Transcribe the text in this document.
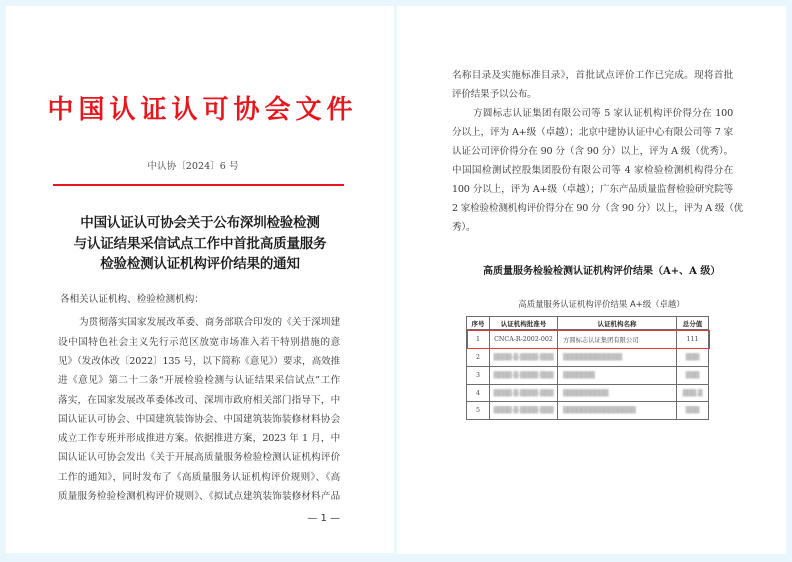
中国认证认可协会文件
中认协〔2024〕6 号
中国认证认可协会关于公布深圳检验检测
与认证结果采信试点工作中首批高质量服务
检验检测认证机构评价结果的通知
各相关认证机构、检验检测机构：
为贯彻落实国家发展改革委、商务部联合印发的《关于深圳建
设中国特色社会主义先行示范区放宽市场准入若干特别措施的意
见》（发改体改〔2022〕135 号，以下简称《意见》）要求，高效推
进《意见》第二十二条“开展检验检测与认证结果采信试点”工作
落实，在国家发展改革委体改司、深圳市政府相关部门指导下，中
国认证认可协会、中国建筑装饰协会、中国建筑装饰装修材料协会
成立工作专班并形成推进方案。依据推进方案，2023 年 1 月，中
国认证认可协会发出《关于开展高质量服务检验检测认证机构评价
工作的通知》，同时发布了《高质量服务认证机构评价规则》、《高
质量服务检验检测机构评价规则》、《拟试点建筑装饰装修材料产品
— 1 —
名称目录及实施标准目录》，首批试点评价工作已完成。现将首批
评价结果予以公布。
方圆标志认证集团有限公司等 5 家认证机构评价得分在 100
分以上，评为 A+级（卓越）；北京中建协认证中心有限公司等 7 家
认证公司评价得分在 90 分（含 90 分）以上，评为 A 级（优秀）。
中国国检测试控股集团股份有限公司等 4 家检验检测机构得分在
100 分以上，评为 A+级（卓越）；广东产品质量监督检验研究院等
2 家检验检测机构评价得分在 90 分（含 90 分）以上，评为 A 级（优
秀）。
高质量服务检验检测认证机构评价结果（A+、A 级）
高质量服务认证机构评价结果 A+级（卓越）
序号	认证机构批准号	认证机构名称	总分值
1	CNCA-R-2002-002	方圆标志认证集团有限公司	111
2	▒▒▒▒-▒-▒▒▒▒-▒▒▒	▒▒▒▒▒▒▒▒▒▒▒▒▒	▒▒▒
3	▒▒▒▒-▒-▒▒▒▒-▒▒▒	▒▒▒▒▒▒▒	▒▒▒
4	▒▒▒▒-▒-▒▒▒▒-▒▒▒	▒▒▒▒▒▒▒▒▒▒	▒▒▒.▒
5	▒▒▒▒-▒-▒▒▒▒-▒▒▒	▒▒▒▒▒▒▒▒▒▒▒▒▒▒▒▒	▒▒▒
